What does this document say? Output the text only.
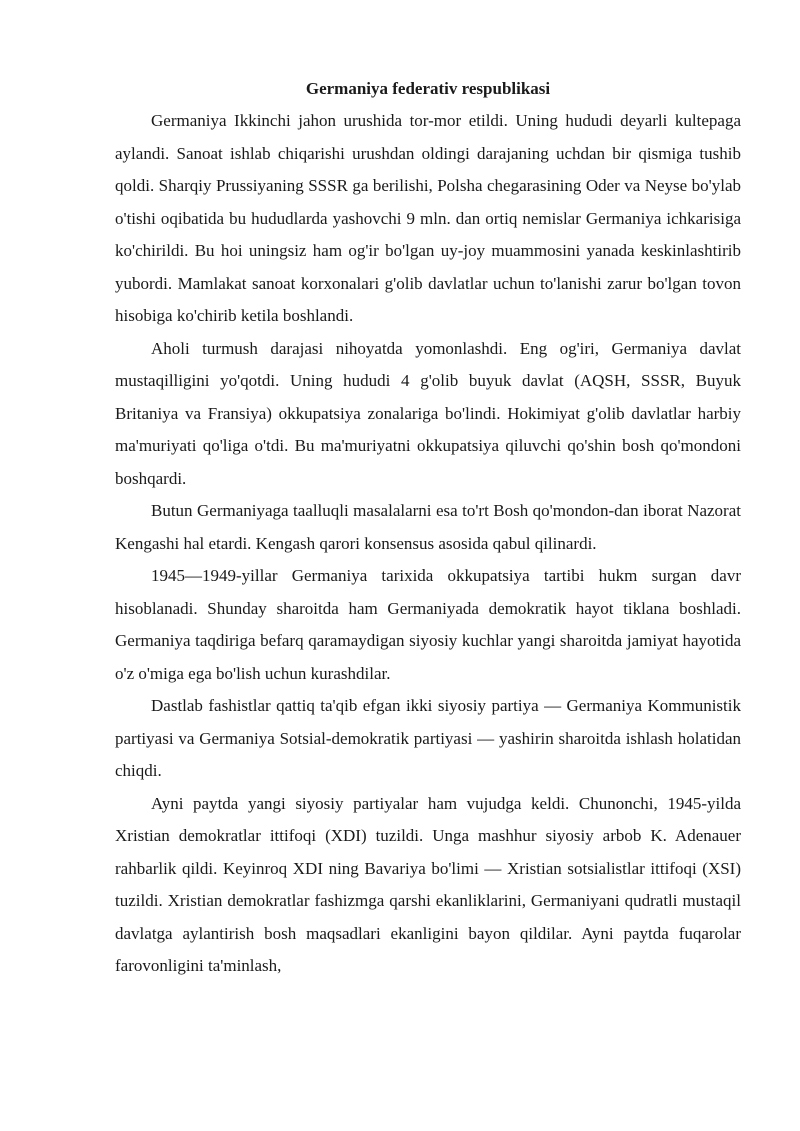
Germaniya federativ respublikasi

Germaniya Ikkinchi jahon urushida tor-mor etildi. Uning hududi deyarli kultepaga aylandi. Sanoat ishlab chiqarishi urushdan oldingi darajaning uchdan bir qismiga tushib qoldi. Sharqiy Prussiyaning SSSR ga berilishi, Polsha chegarasining Oder va Neyse bo'ylab o'tishi oqibatida bu hududlarda yashovchi 9 mln. dan ortiq nemislar Germaniya ichkarisiga ko'chirildi. Bu hoi uningsiz ham og'ir bo'lgan uy-joy muammosini yanada keskinlashtirib yubordi. Mamlakat sanoat korxonalari g'olib davlatlar uchun to'lanishi zarur bo'lgan tovon hisobiga ko'chirib ketila boshlandi.

Aholi turmush darajasi nihoyatda yomonlashdi. Eng og'iri, Germaniya davlat mustaqilligini yo'qotdi. Uning hududi 4 g'olib buyuk davlat (AQSH, SSSR, Buyuk Britaniya va Fransiya) okkupatsiya zonalariga bo'lindi. Hokimiyat g'olib davlatlar harbiy ma'muriyati qo'liga o'tdi. Bu ma'muriyatni okkupatsiya qiluvchi qo'shin bosh qo'mondoni boshqardi.

Butun Germaniyaga taalluqli masalalarni esa to'rt Bosh qo'mondon-dan iborat Nazorat Kengashi hal etardi. Kengash qarori konsensus asosida qabul qilinardi.

1945—1949-yillar Germaniya tarixida okkupatsiya tartibi hukm surgan davr hisoblanadi. Shunday sharoitda ham Germaniyada demokratik hayot tiklana boshladi. Germaniya taqdiriga befarq qaramaydigan siyosiy kuchlar yangi sharoitda jamiyat hayotida o'z o'miga ega bo'lish uchun kurashdilar.

Dastlab fashistlar qattiq ta'qib efgan ikki siyosiy partiya — Germaniya Kommunistik partiyasi va Germaniya Sotsial-demokratik partiyasi — yashirin sharoitda ishlash holatidan chiqdi.

Ayni paytda yangi siyosiy partiyalar ham vujudga keldi. Chunonchi, 1945-yilda Xristian demokratlar ittifoqi (XDI) tuzildi. Unga mashhur siyosiy arbob K. Adenauer rahbarlik qildi. Keyinroq XDI ning Bavariya bo'limi — Xristian sotsialistlar ittifoqi (XSI) tuzildi. Xristian demokratlar fashizmga qarshi ekanliklarini, Germaniyani qudratli mustaqil davlatga aylantirish bosh maqsadlari ekanligini bayon qildilar. Ayni paytda fuqarolar farovonligini ta'minlash,
